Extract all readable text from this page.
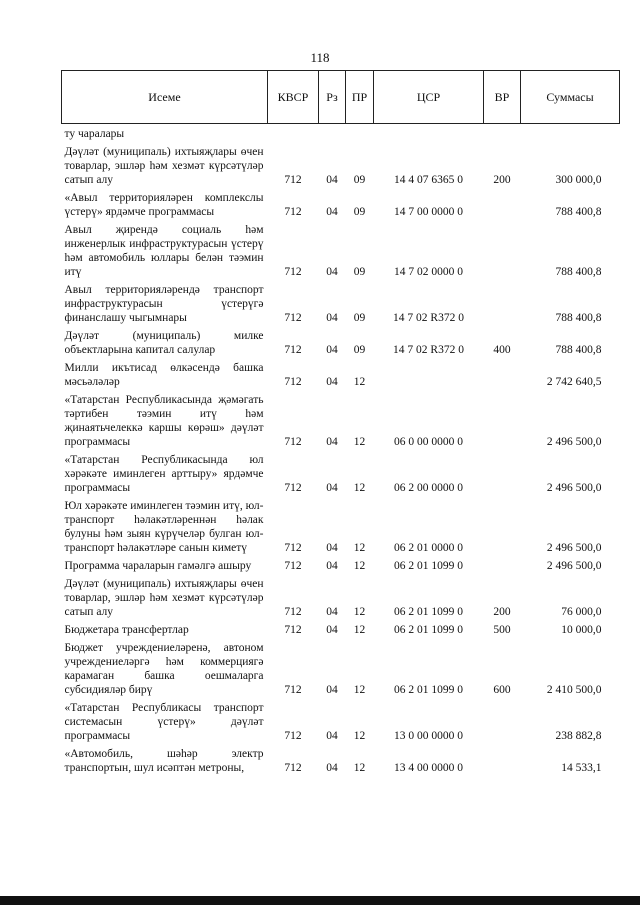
118
Исеме	КВСР	Рз	ПР	ЦСР	ВР	Суммасы
ту чаралары						
Дәүләт (муниципаль) ихтыяҗлары өчен товарлар, эшләр һәм хезмәт күрсәтүләр сатып алу	712	04	09	14 4 07 6365 0	200	300 000,0
«Авыл территорияләрен комплекслы үстерү» ярдәмче программасы	712	04	09	14 7 00 0000 0		788 400,8
Авыл җирендә социаль һәм инженерлык инфраструктурасын үстерү һәм автомобиль юллары белән тәэмин итү	712	04	09	14 7 02 0000 0		788 400,8
Авыл территорияләрендә транспорт инфраструктурасын үстерүгә финанслашу чыгымнары	712	04	09	14 7 02 R372 0		788 400,8
Дәүләт (муниципаль) милке объектларына капитал салулар	712	04	09	14 7 02 R372 0	400	788 400,8
Милли икътисад өлкәсендә башка мәсьәләләр	712	04	12			2 742 640,5
«Татарстан Республикасында җәмәгать тәртибен тәэмин итү һәм җинаятьчелеккә каршы көрәш» дәүләт программасы	712	04	12	06 0 00 0000 0		2 496 500,0
«Татарстан Республикасында юл хәрәкәте иминлеген арттыру» ярдәмче программасы	712	04	12	06 2 00 0000 0		2 496 500,0
Юл хәрәкәте иминлеген тәэмин итү, юл-транспорт һәлакәтләреннән һәлак булуны һәм зыян күрүчеләр булган юл-транспорт һәлакәтләре санын киметү	712	04	12	06 2 01 0000 0		2 496 500,0
Программа чараларын гамәлгә ашыру	712	04	12	06 2 01 1099 0		2 496 500,0
Дәүләт (муниципаль) ихтыяҗлары өчен товарлар, эшләр һәм хезмәт күрсәтүләр сатып алу	712	04	12	06 2 01 1099 0	200	76 000,0
Бюджетара трансфертлар	712	04	12	06 2 01 1099 0	500	10 000,0
Бюджет учреждениеләренә, автоном учреждениеләргә һәм коммерциягә карамаган башка оешмаларга субсидияләр бирү	712	04	12	06 2 01 1099 0	600	2 410 500,0
«Татарстан Республикасы транспорт системасын үстерү» дәүләт программасы	712	04	12	13 0 00 0000 0		238 882,8
«Автомобиль, шәһәр электр транспортын, шул исәптән метроны,	712	04	12	13 4 00 0000 0		14 533,1
